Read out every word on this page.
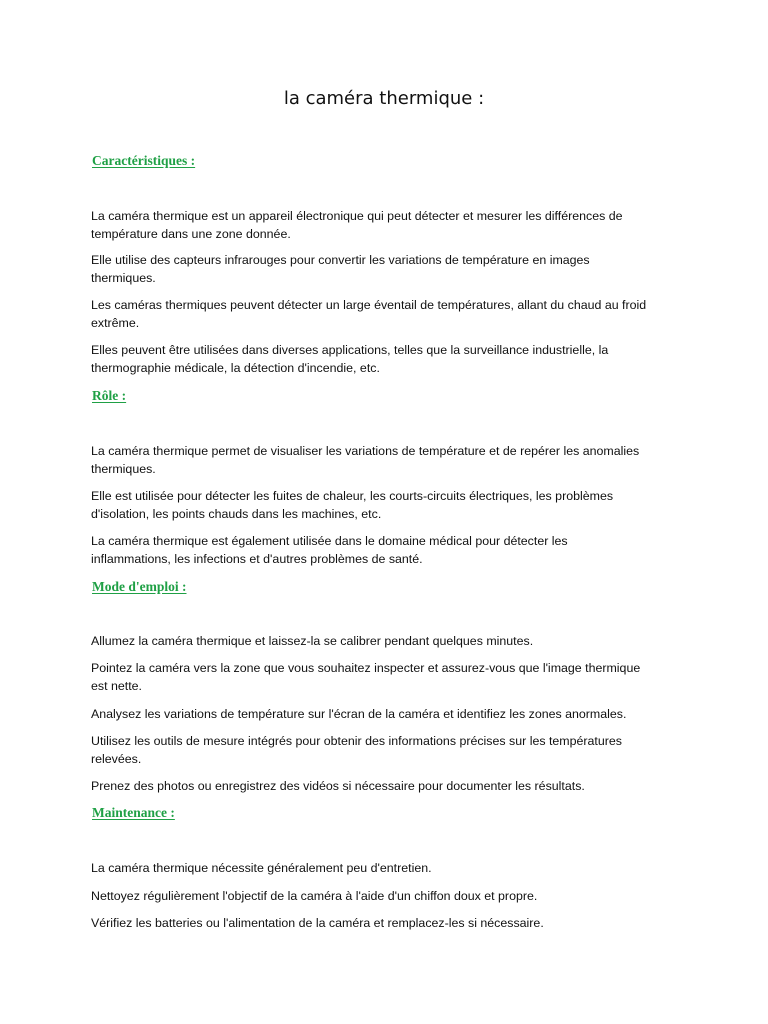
la caméra thermique :
Caractéristiques :
La caméra thermique est un appareil électronique qui peut détecter et mesurer les différences de
température dans une zone donnée.
Elle utilise des capteurs infrarouges pour convertir les variations de température en images
thermiques.
Les caméras thermiques peuvent détecter un large éventail de températures, allant du chaud au froid
extrême.
Elles peuvent être utilisées dans diverses applications, telles que la surveillance industrielle, la
thermographie médicale, la détection d'incendie, etc.
Rôle :
La caméra thermique permet de visualiser les variations de température et de repérer les anomalies
thermiques.
Elle est utilisée pour détecter les fuites de chaleur, les courts-circuits électriques, les problèmes
d'isolation, les points chauds dans les machines, etc.
La caméra thermique est également utilisée dans le domaine médical pour détecter les
inflammations, les infections et d'autres problèmes de santé.
Mode d'emploi :
Allumez la caméra thermique et laissez-la se calibrer pendant quelques minutes.
Pointez la caméra vers la zone que vous souhaitez inspecter et assurez-vous que l'image thermique
est nette.
Analysez les variations de température sur l'écran de la caméra et identifiez les zones anormales.
Utilisez les outils de mesure intégrés pour obtenir des informations précises sur les températures
relevées.
Prenez des photos ou enregistrez des vidéos si nécessaire pour documenter les résultats.
Maintenance :
La caméra thermique nécessite généralement peu d'entretien.
Nettoyez régulièrement l'objectif de la caméra à l'aide d'un chiffon doux et propre.
Vérifiez les batteries ou l'alimentation de la caméra et remplacez-les si nécessaire.
